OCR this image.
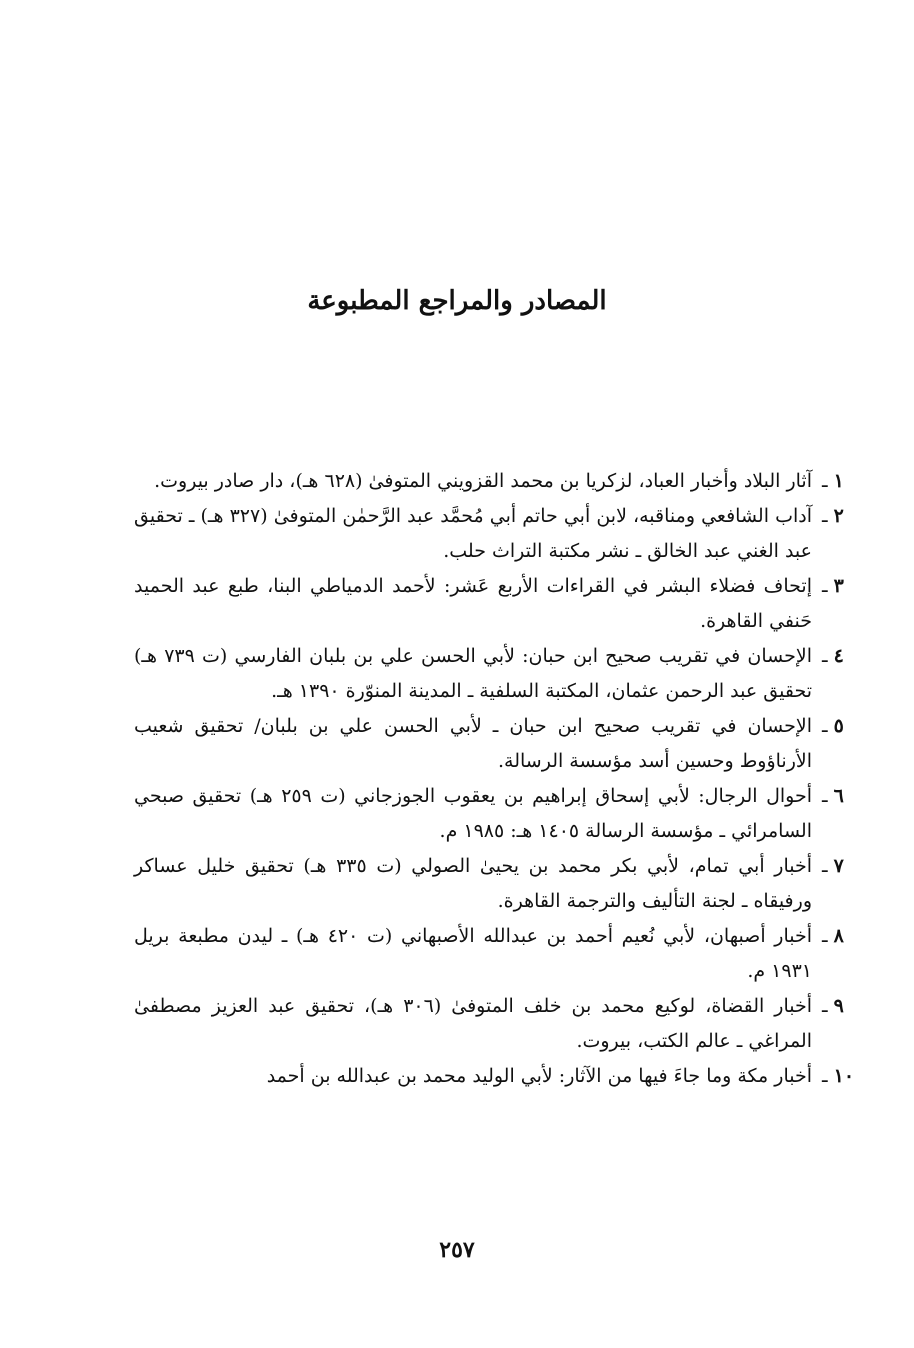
المصادر والمراجع المطبوعة
١ ـ
آثار البلاد وأخبار العباد، لزكريا بن محمد القزويني المتوفىٰ (٦٢٨ هـ)، دار صادر بيروت.
٢ ـ
آداب الشافعي ومناقبه، لابن أبي حاتم أبي مُحمَّد عبد الرَّحمٰن المتوفىٰ (٣٢٧ هـ) ـ تحقيق عبد الغني عبد الخالق ـ نشر مكتبة التراث حلب.
٣ ـ
إتحاف فضلاء البشر في القراءات الأربع عَشر: لأحمد الدمياطي البنا، طبع عبد الحميد حَنفي القاهرة.
٤ ـ
الإحسان في تقريب صحيح ابن حبان: لأبي الحسن علي بن بلبان الفارسي (ت ٧٣٩ هـ) تحقيق عبد الرحمن عثمان، المكتبة السلفية ـ المدينة المنوّرة ١٣٩٠ هـ.
٥ ـ
الإحسان في تقريب صحيح ابن حبان ـ لأبي الحسن علي بن بلبان/ تحقيق شعيب الأرناؤوط وحسين أسد مؤسسة الرسالة.
٦ ـ
أحوال الرجال: لأبي إسحاق إبراهيم بن يعقوب الجوزجاني (ت ٢٥٩ هـ) تحقيق صبحي السامرائي ـ مؤسسة الرسالة ١٤٠٥ هـ: ١٩٨٥ م.
٧ ـ
أخبار أبي تمام، لأبي بكر محمد بن يحيىٰ الصولي (ت ٣٣٥ هـ) تحقيق خليل عساكر ورفيقاه ـ لجنة التأليف والترجمة القاهرة.
٨ ـ
أخبار أصبهان، لأبي نُعيم أحمد بن عبدالله الأصبهاني (ت ٤٢٠ هـ) ـ ليدن مطبعة بريل ١٩٣١ م.
٩ ـ
أخبار القضاة، لوكيع محمد بن خلف المتوفىٰ (٣٠٦ هـ)، تحقيق عبد العزيز مصطفىٰ المراغي ـ عالم الكتب، بيروت.
١٠ ـ
أخبار مكة وما جاءَ فيها من الآثار: لأبي الوليد محمد بن عبدالله بن أحمد
٢٥٧
